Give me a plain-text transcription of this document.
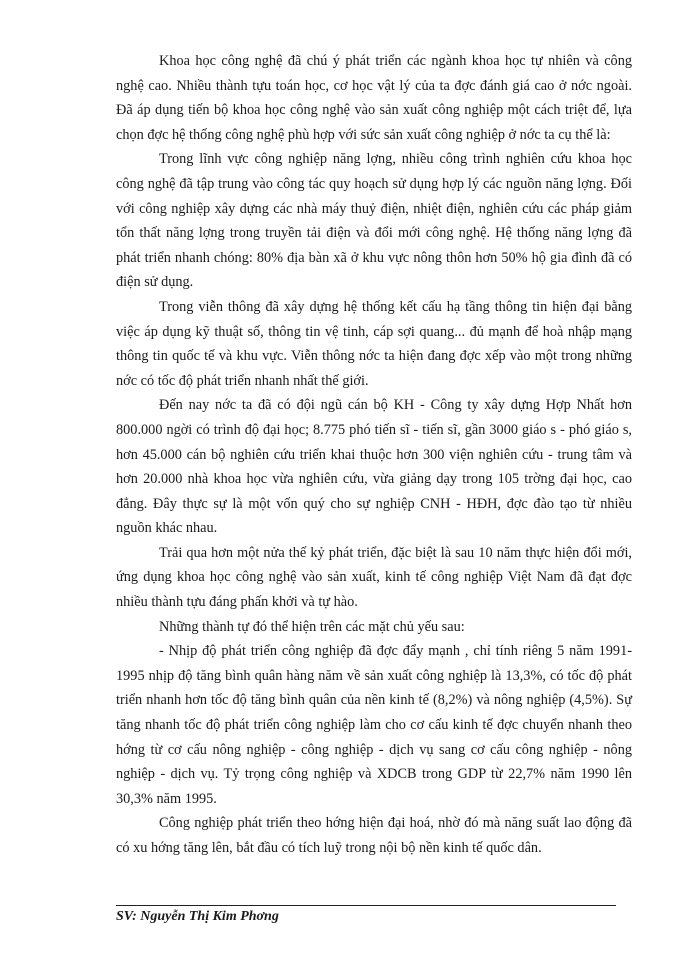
Khoa học công nghệ đã chú ý phát triển các ngành khoa học tự nhiên và công nghệ cao. Nhiều thành tựu toán học, cơ học vật lý của ta đợc đánh giá cao ở nớc ngoài. Đã áp dụng tiến bộ khoa học công nghệ vào sản xuất công nghiệp một cách triệt để, lựa chọn đợc hệ thống công nghệ phù hợp với sức sản xuất công nghiệp ở nớc ta cụ thể là:

Trong lĩnh vực công nghiệp năng lợng, nhiều công trình nghiên cứu khoa học công nghệ đã tập trung vào công tác quy hoạch sử dụng hợp lý các nguồn năng lợng. Đối với công nghiệp xây dựng các nhà máy thuỷ điện, nhiệt điện, nghiên cứu các pháp giảm tổn thất năng lợng trong truyền tải điện và đổi mới công nghệ. Hệ thống năng lợng đã phát triển nhanh chóng: 80% địa bàn xã ở khu vực nông thôn hơn 50% hộ gia đình đã có điện sử dụng.

Trong viễn thông đã xây dựng hệ thống kết cấu hạ tầng thông tin hiện đại bằng việc áp dụng kỹ thuật số, thông tin vệ tinh, cáp sợi quang... đủ mạnh để hoà nhập mạng thông tin quốc tế và khu vực. Viễn thông nớc ta hiện đang đợc xếp vào một trong những nớc có tốc độ phát triển nhanh nhất thế giới.

Đến nay nớc ta đã có đội ngũ cán bộ KH - Công ty xây dựng Hợp Nhất hơn 800.000 ngời có trình độ đại học; 8.775 phó tiến sĩ - tiến sĩ, gần 3000 giáo s - phó giáo s, hơn 45.000 cán bộ nghiên cứu triển khai thuộc hơn 300 viện nghiên cứu - trung tâm và hơn 20.000 nhà khoa học vừa nghiên cứu, vừa giảng dạy trong 105 trờng đại học, cao đẳng. Đây thực sự là một vốn quý cho sự nghiệp CNH - HĐH, đợc đào tạo từ nhiều nguồn khác nhau.

Trải qua hơn một nửa thế kỷ phát triển, đặc biệt là sau 10 năm thực hiện đổi mới, ứng dụng khoa học công nghệ vào sản xuất, kinh tế công nghiệp Việt Nam đã đạt đợc nhiều thành tựu đáng phấn khởi và tự hào.

Những thành tự đó thể hiện trên các mặt chủ yếu sau:

- Nhịp độ phát triển công nghiệp đã đợc đẩy mạnh , chỉ tính riêng 5 năm 1991-1995 nhịp độ tăng bình quân hàng năm về sản xuất công nghiệp là 13,3%, có tốc độ phát triển nhanh hơn tốc độ tăng bình quân của nền kinh tế (8,2%) và nông nghiệp (4,5%). Sự tăng nhanh tốc độ phát triển công nghiệp làm cho cơ cấu kinh tế đợc chuyển nhanh theo hớng từ cơ cấu nông nghiệp - công nghiệp - dịch vụ sang cơ cấu công nghiệp - nông nghiệp - dịch vụ. Tỷ trọng công nghiệp và XDCB trong GDP từ 22,7% năm 1990 lên 30,3% năm 1995.

Công nghiệp phát triển theo hớng hiện đại hoá, nhờ đó mà năng suất lao động đã có xu hớng tăng lên, bắt đầu có tích luỹ trong nội bộ nền kinh tế quốc dân.

SV: Nguyễn Thị Kim Phơng
